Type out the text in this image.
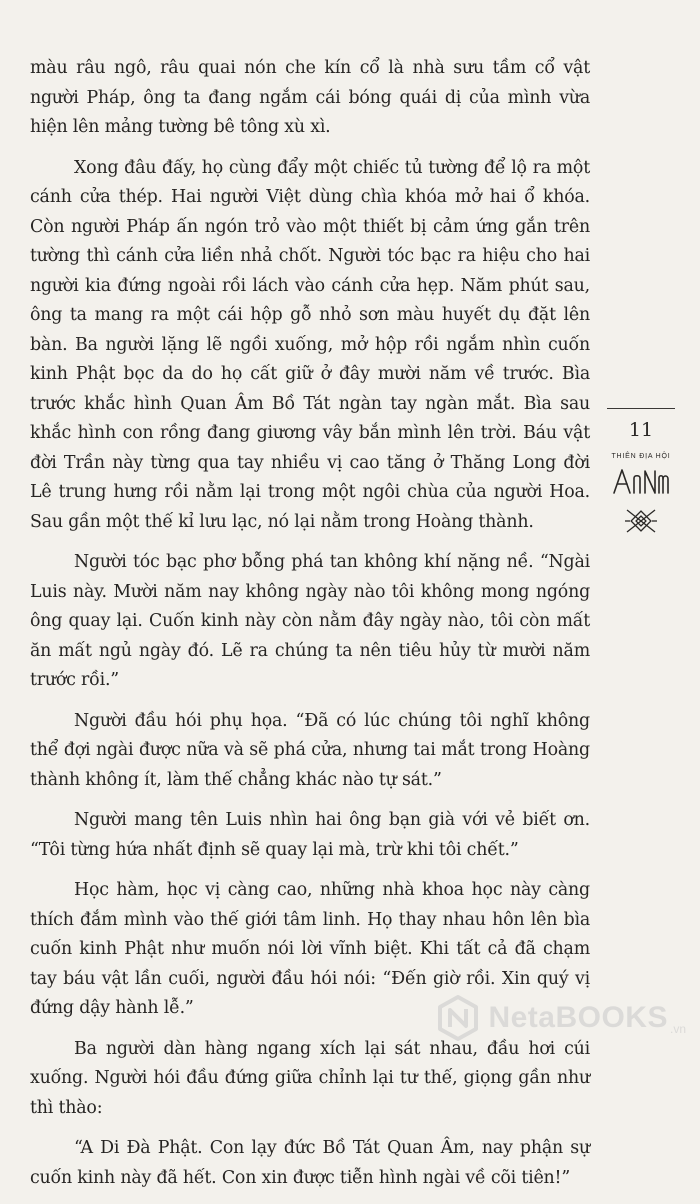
màu râu ngô, râu quai nón che kín cổ là nhà sưu tầm cổ vật người Pháp, ông ta đang ngắm cái bóng quái dị của mình vừa hiện lên mảng tường bê tông xù xì.

Xong đâu đấy, họ cùng đẩy một chiếc tủ tường để lộ ra một cánh cửa thép. Hai người Việt dùng chìa khóa mở hai ổ khóa. Còn người Pháp ấn ngón trỏ vào một thiết bị cảm ứng gắn trên tường thì cánh cửa liền nhả chốt. Người tóc bạc ra hiệu cho hai người kia đứng ngoài rồi lách vào cánh cửa hẹp. Năm phút sau, ông ta mang ra một cái hộp gỗ nhỏ sơn màu huyết dụ đặt lên bàn. Ba người lặng lẽ ngồi xuống, mở hộp rồi ngắm nhìn cuốn kinh Phật bọc da do họ cất giữ ở đây mười năm về trước. Bìa trước khắc hình Quan Âm Bồ Tát ngàn tay ngàn mắt. Bìa sau khắc hình con rồng đang giương vây bắn mình lên trời. Báu vật đời Trần này từng qua tay nhiều vị cao tăng ở Thăng Long đời Lê trung hưng rồi nằm lại trong một ngôi chùa của người Hoa. Sau gần một thế kỉ lưu lạc, nó lại nằm trong Hoàng thành.

Người tóc bạc phơ bỗng phá tan không khí nặng nề. “Ngài Luis này. Mười năm nay không ngày nào tôi không mong ngóng ông quay lại. Cuốn kinh này còn nằm đây ngày nào, tôi còn mất ăn mất ngủ ngày đó. Lẽ ra chúng ta nên tiêu hủy từ mười năm trước rồi.”

Người đầu hói phụ họa. “Đã có lúc chúng tôi nghĩ không thể đợi ngài được nữa và sẽ phá cửa, nhưng tai mắt trong Hoàng thành không ít, làm thế chẳng khác nào tự sát.”

Người mang tên Luis nhìn hai ông bạn già với vẻ biết ơn. “Tôi từng hứa nhất định sẽ quay lại mà, trừ khi tôi chết.”

Học hàm, học vị càng cao, những nhà khoa học này càng thích đắm mình vào thế giới tâm linh. Họ thay nhau hôn lên bìa cuốn kinh Phật như muốn nói lời vĩnh biệt. Khi tất cả đã chạm tay báu vật lần cuối, người đầu hói nói: “Đến giờ rồi. Xin quý vị đứng dậy hành lễ.”

Ba người dàn hàng ngang xích lại sát nhau, đầu hơi cúi xuống. Người hói đầu đứng giữa chỉnh lại tư thế, giọng gần như thì thào:

“A Di Đà Phật. Con lạy đức Bồ Tát Quan Âm, nay phận sự cuốn kinh này đã hết. Con xin được tiễn hình ngài về cõi tiên!”

11
THIÊN ĐỊA HỘI
NetaBOOKS .vn
